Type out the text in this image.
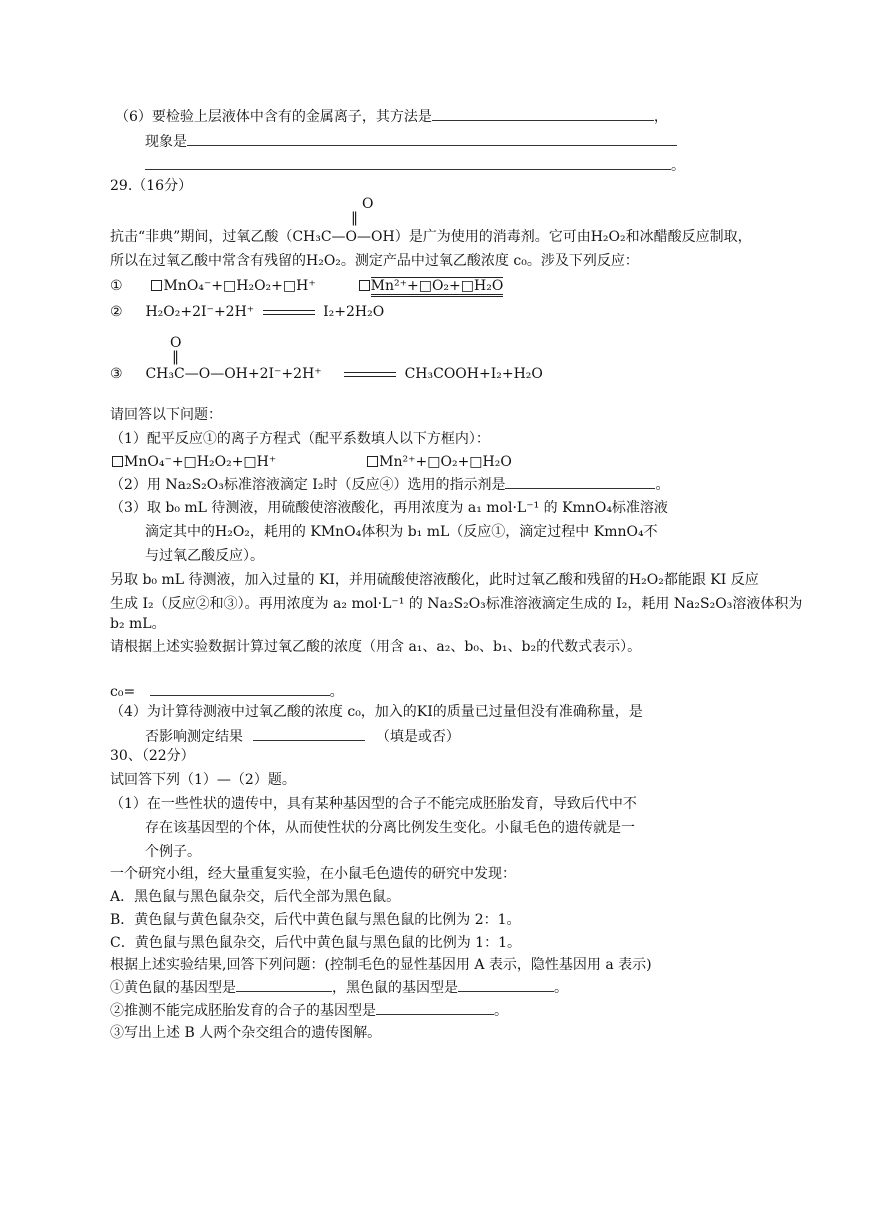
（6）要检验上层液体中含有的金属离子，其方法是	，
现象是
。
29.（16分）
O
‖
抗击“非典”期间，过氧乙酸（CH₃C—O—OH）是广为使用的消毒剂。它可由H₂O₂和冰醋酸反应制取，
所以在过氧乙酸中常含有残留的H₂O₂。测定产品中过氧乙酸浓度 c₀。涉及下列反应：
①	MnO₄⁻+□H₂O₂+□H⁺	Mn²⁺+□O₂+□H₂O
② H₂O₂+2I⁻+2H⁺	I₂+2H₂O
O
‖
③ CH₃C—O—OH+2I⁻+2H⁺	CH₃COOH+I₂+H₂O
请回答以下问题：
（1）配平反应①的离子方程式（配平系数填人以下方框内）：
MnO₄⁻+□H₂O₂+□H⁺	Mn²⁺+□O₂+□H₂O
（2）用 Na₂S₂O₃标准溶液滴定 I₂时（反应④）选用的指示剂是	。
（3）取 b₀ mL 待测液，用硫酸使溶液酸化，再用浓度为 a₁ mol·L⁻¹ 的 KmnO₄标准溶液
滴定其中的H₂O₂，耗用的 KMnO₄体积为 b₁ mL（反应①，滴定过程中 KmnO₄不
与过氧乙酸反应）。
另取 b₀ mL 待测液，加入过量的 KI，并用硫酸使溶液酸化，此时过氧乙酸和残留的H₂O₂都能跟 KI 反应
生成 I₂（反应②和③）。再用浓度为 a₂ mol·L⁻¹ 的 Na₂S₂O₃标准溶液滴定生成的 I₂，耗用 Na₂S₂O₃溶液体积为
b₂ mL。
请根据上述实验数据计算过氧乙酸的浓度（用含 a₁、a₂、b₀、b₁、b₂的代数式表示）。
c₀=	。
（4）为计算待测液中过氧乙酸的浓度 c₀，加入的KI的质量已过量但没有准确称量，是
否影响测定结果	（填是或否）
30、（22分）
试回答下列（1）—（2）题。
（1）在一些性状的遗传中，具有某种基因型的合子不能完成胚胎发育，导致后代中不
存在该基因型的个体，从而使性状的分离比例发生变化。小鼠毛色的遗传就是一
个例子。
一个研究小组，经大量重复实验，在小鼠毛色遗传的研究中发现：
A．黑色鼠与黑色鼠杂交，后代全部为黑色鼠。
B．黄色鼠与黄色鼠杂交，后代中黄色鼠与黑色鼠的比例为 2：1。
C．黄色鼠与黑色鼠杂交，后代中黄色鼠与黑色鼠的比例为 1：1。
根据上述实验结果,回答下列问题：(控制毛色的显性基因用 A 表示，隐性基因用 a 表示)
①黄色鼠的基因型是	，黑色鼠的基因型是	。
②推测不能完成胚胎发育的合子的基因型是	。
③写出上述 B 人两个杂交组合的遗传图解。
